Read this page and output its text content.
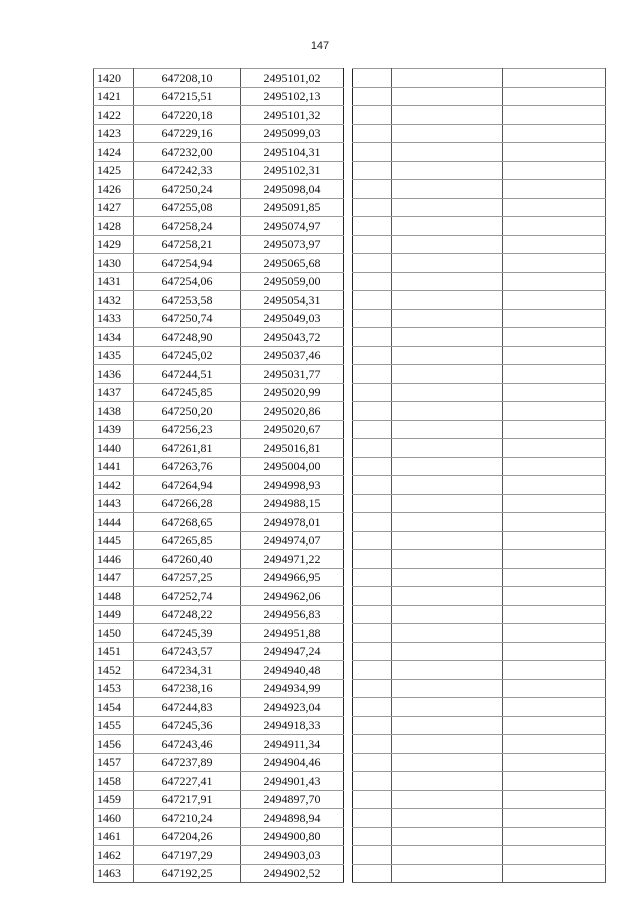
147
1420	647208,10	2495101,02
1421	647215,51	2495102,13
1422	647220,18	2495101,32
1423	647229,16	2495099,03
1424	647232,00	2495104,31
1425	647242,33	2495102,31
1426	647250,24	2495098,04
1427	647255,08	2495091,85
1428	647258,24	2495074,97
1429	647258,21	2495073,97
1430	647254,94	2495065,68
1431	647254,06	2495059,00
1432	647253,58	2495054,31
1433	647250,74	2495049,03
1434	647248,90	2495043,72
1435	647245,02	2495037,46
1436	647244,51	2495031,77
1437	647245,85	2495020,99
1438	647250,20	2495020,86
1439	647256,23	2495020,67
1440	647261,81	2495016,81
1441	647263,76	2495004,00
1442	647264,94	2494998,93
1443	647266,28	2494988,15
1444	647268,65	2494978,01
1445	647265,85	2494974,07
1446	647260,40	2494971,22
1447	647257,25	2494966,95
1448	647252,74	2494962,06
1449	647248,22	2494956,83
1450	647245,39	2494951,88
1451	647243,57	2494947,24
1452	647234,31	2494940,48
1453	647238,16	2494934,99
1454	647244,83	2494923,04
1455	647245,36	2494918,33
1456	647243,46	2494911,34
1457	647237,89	2494904,46
1458	647227,41	2494901,43
1459	647217,91	2494897,70
1460	647210,24	2494898,94
1461	647204,26	2494900,80
1462	647197,29	2494903,03
1463	647192,25	2494902,52
